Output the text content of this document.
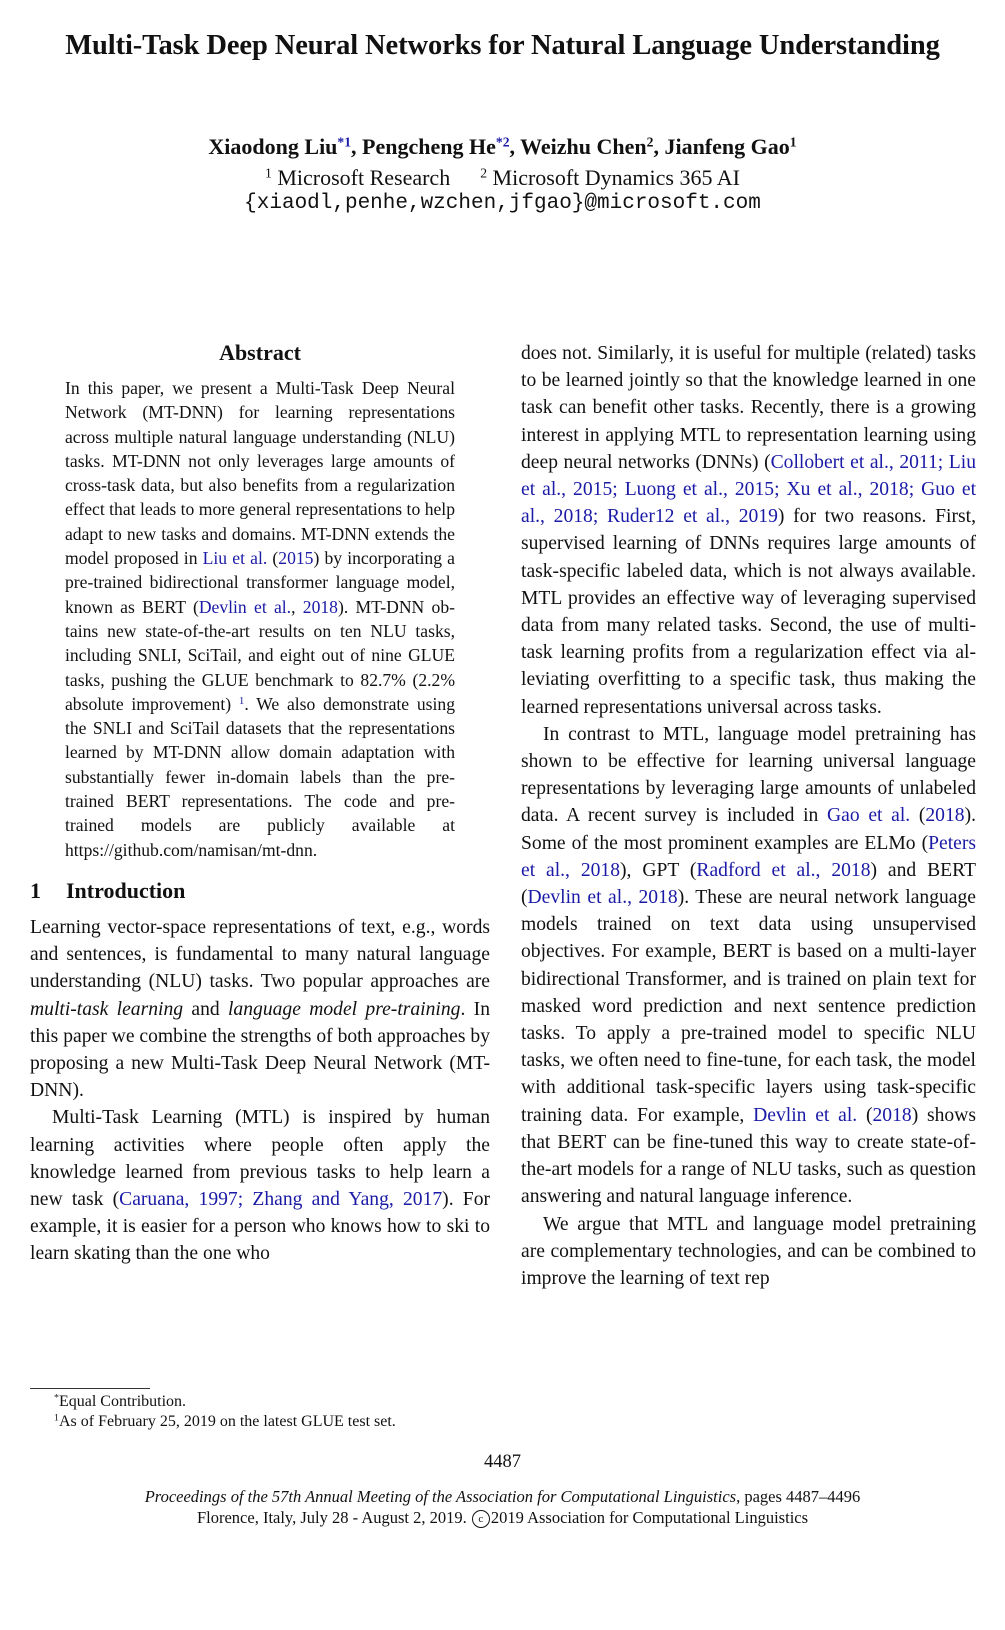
Multi-Task Deep Neural Networks for Natural Language Understanding
Xiaodong Liu$^{*1}$, Pengcheng He$^{*2}$, Weizhu Chen$^2$, Jianfeng Gao$^1$
$^1$ Microsoft Research $^2$ Microsoft Dynamics 365 AI
{xiaodl,penhe,wzchen,jfgao}@microsoft.com
Abstract
In this paper, we present a Multi-Task Deep Neural Network (MT-DNN) for learning representations across multiple natural language understanding (NLU) tasks. MT-DNN not only leverages large amounts of cross-task data, but also benefits from a regularization effect that leads to more general representations to help adapt to new tasks and domains. MT-DNN extends the model proposed in Liu et al. (2015) by incorporating a pre-trained bidirectional transformer language model, known as BERT (Devlin et al., 2018). MT-DNN obtains new state-of-the-art results on ten NLU tasks, including SNLI, SciTail, and eight out of nine GLUE tasks, pushing the GLUE benchmark to 82.7% (2.2% absolute improvement) $^1$. We also demonstrate using the SNLI and SciTail datasets that the representations learned by MT-DNN allow domain adaptation with substantially fewer in-domain labels than the pre-trained BERT representations. The code and pre-trained models are publicly available at https://github.com/namisan/mt-dnn.
1 Introduction

Learning vector-space representations of text, e.g., words and sentences, is fundamental to many natural language understanding (NLU) tasks. Two popular approaches are multi-task learning and language model pre-training. In this paper we combine the strengths of both approaches by proposing a new Multi-Task Deep Neural Network (MT-DNN).

Multi-Task Learning (MTL) is inspired by human learning activities where people often apply the knowledge learned from previous tasks to help learn a new task (Caruana, 1997; Zhang and Yang, 2017). For example, it is easier for a person who knows how to ski to learn skating than the one who

does not. Similarly, it is useful for multiple (related) tasks to be learned jointly so that the knowledge learned in one task can benefit other tasks. Recently, there is a growing interest in applying MTL to representation learning using deep neural networks (DNNs) (Collobert et al., 2011; Liu et al., 2015; Luong et al., 2015; Xu et al., 2018; Guo et al., 2018; Ruder12 et al., 2019) for two reasons. First, supervised learning of DNNs requires large amounts of task-specific labeled data, which is not always available. MTL provides an effective way of leveraging supervised data from many related tasks. Second, the use of multi-task learning profits from a regularization effect via alleviating overfitting to a specific task, thus making the learned representations universal across tasks.

In contrast to MTL, language model pretraining has shown to be effective for learning universal language representations by leveraging large amounts of unlabeled data. A recent survey is included in Gao et al. (2018). Some of the most prominent examples are ELMo (Peters et al., 2018), GPT (Radford et al., 2018) and BERT (Devlin et al., 2018). These are neural network language models trained on text data using unsupervised objectives. For example, BERT is based on a multi-layer bidirectional Transformer, and is trained on plain text for masked word prediction and next sentence prediction tasks. To apply a pre-trained model to specific NLU tasks, we often need to fine-tune, for each task, the model with additional task-specific layers using task-specific training data. For example, Devlin et al. (2018) shows that BERT can be fine-tuned this way to create state-of-the-art models for a range of NLU tasks, such as question answering and natural language inference.

We argue that MTL and language model pretraining are complementary technologies, and can be combined to improve the learning of text rep

*Equal Contribution.
$^1$As of February 25, 2019 on the latest GLUE test set.
4487
Proceedings of the 57th Annual Meeting of the Association for Computational Linguistics, pages 4487–4496
Florence, Italy, July 28 - August 2, 2019. c 2019 Association for Computational Linguistics
